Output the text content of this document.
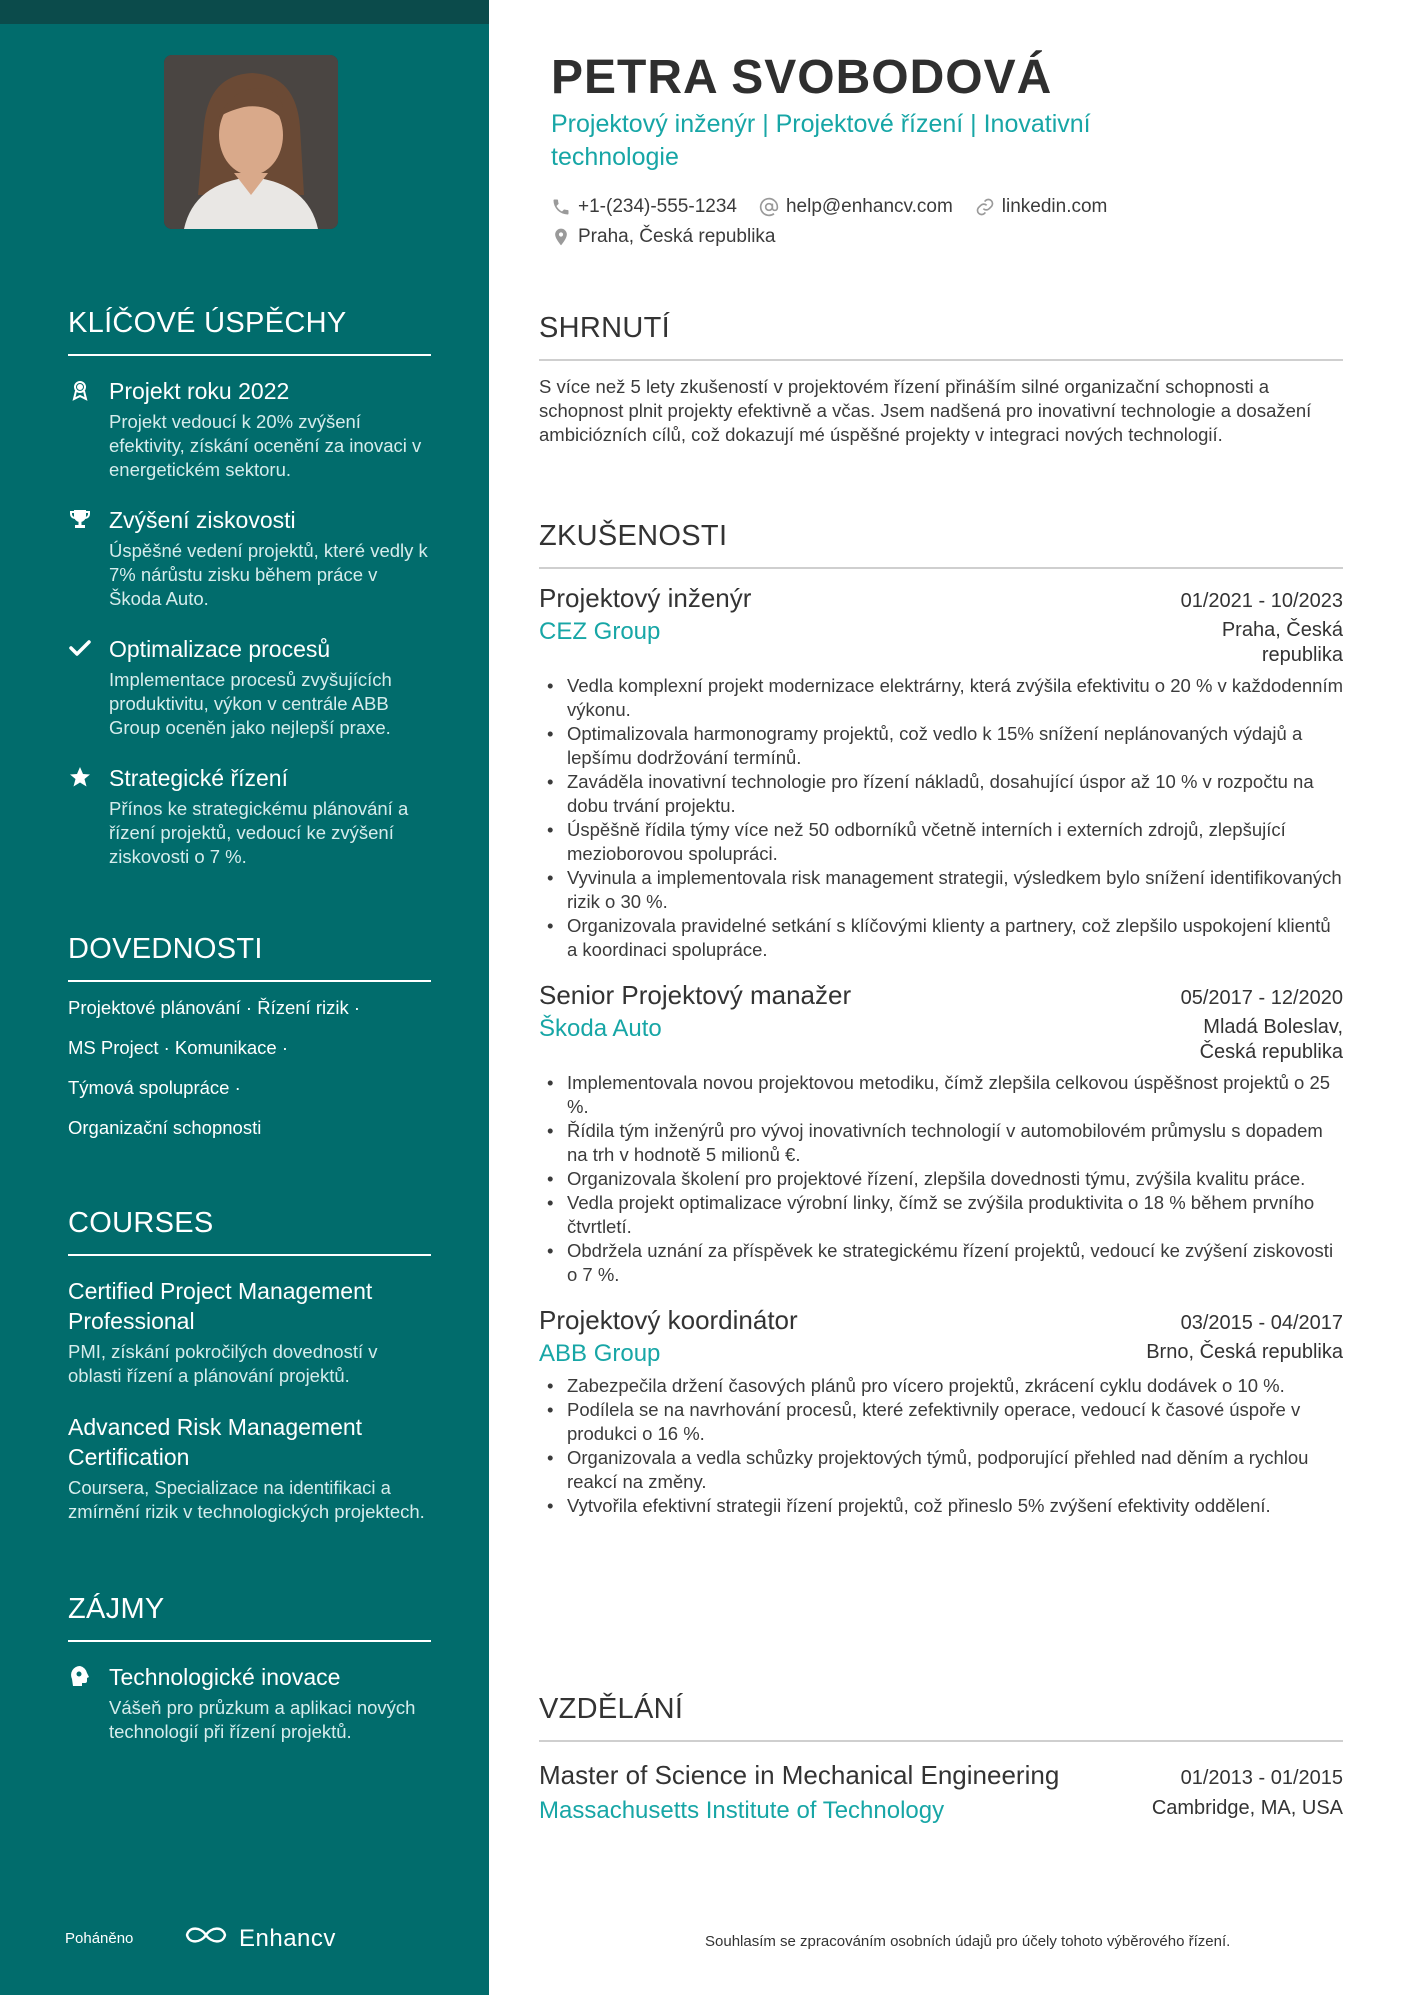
KLÍČOVÉ ÚSPĚCHY
Projekt roku 2022
Projekt vedoucí k 20% zvýšení efektivity, získání ocenění za inovaci v energetickém sektoru.
Zvýšení ziskovosti
Úspěšné vedení projektů, které vedly k 7% nárůstu zisku během práce v Škoda Auto.
Optimalizace procesů
Implementace procesů zvyšujících produktivitu, výkon v centrále ABB Group oceněn jako nejlepší praxe.
Strategické řízení
Přínos ke strategickému plánování a řízení projektů, vedoucí ke zvýšení ziskovosti o 7 %.
DOVEDNOSTI
Projektové plánování · Řízení rizik ·
MS Project · Komunikace ·
Týmová spolupráce ·
Organizační schopnosti
COURSES
Certified Project Management Professional
PMI, získání pokročilých dovedností v oblasti řízení a plánování projektů.
Advanced Risk Management Certification
Coursera, Specializace na identifikaci a zmírnění rizik v technologických projektech.
ZÁJMY
Technologické inovace
Vášeň pro průzkum a aplikaci nových technologií při řízení projektů.
Poháněno	Enhancv
PETRA SVOBODOVÁ
Projektový inženýr | Projektové řízení | Inovativní technologie
+1-(234)-555-1234	help@enhancv.com	linkedin.com
Praha, Česká republika
SHRNUTÍ
S více než 5 lety zkušeností v projektovém řízení přináším silné organizační schopnosti a schopnost plnit projekty efektivně a včas. Jsem nadšená pro inovativní technologie a dosažení ambiciózních cílů, což dokazují mé úspěšné projekty v integraci nových technologií.
ZKUŠENOSTI
Projektový inženýr	01/2021 - 10/2023
CEZ Group	Praha, Česká republika
• Vedla komplexní projekt modernizace elektrárny, která zvýšila efektivitu o 20 % v každodenním výkonu.
• Optimalizovala harmonogramy projektů, což vedlo k 15% snížení neplánovaných výdajů a lepšímu dodržování termínů.
• Zaváděla inovativní technologie pro řízení nákladů, dosahující úspor až 10 % v rozpočtu na dobu trvání projektu.
• Úspěšně řídila týmy více než 50 odborníků včetně interních i externích zdrojů, zlepšující mezioborovou spolupráci.
• Vyvinula a implementovala risk management strategii, výsledkem bylo snížení identifikovaných rizik o 30 %.
• Organizovala pravidelné setkání s klíčovými klienty a partnery, což zlepšilo uspokojení klientů a koordinaci spolupráce.
Senior Projektový manažer	05/2017 - 12/2020
Škoda Auto	Mladá Boleslav, Česká republika
• Implementovala novou projektovou metodiku, čímž zlepšila celkovou úspěšnost projektů o 25 %.
• Řídila tým inženýrů pro vývoj inovativních technologií v automobilovém průmyslu s dopadem na trh v hodnotě 5 milionů €.
• Organizovala školení pro projektové řízení, zlepšila dovednosti týmu, zvýšila kvalitu práce.
• Vedla projekt optimalizace výrobní linky, čímž se zvýšila produktivita o 18 % během prvního čtvrtletí.
• Obdržela uznání za příspěvek ke strategickému řízení projektů, vedoucí ke zvýšení ziskovosti o 7 %.
Projektový koordinátor	03/2015 - 04/2017
ABB Group	Brno, Česká republika
• Zabezpečila držení časových plánů pro vícero projektů, zkrácení cyklu dodávek o 10 %.
• Podílela se na navrhování procesů, které zefektivnily operace, vedoucí k časové úspoře v produkci o 16 %.
• Organizovala a vedla schůzky projektových týmů, podporující přehled nad děním a rychlou reakcí na změny.
• Vytvořila efektivní strategii řízení projektů, což přineslo 5% zvýšení efektivity oddělení.
VZDĚLÁNÍ
Master of Science in Mechanical Engineering	01/2013 - 01/2015
Massachusetts Institute of Technology	Cambridge, MA, USA
Souhlasím se zpracováním osobních údajů pro účely tohoto výběrového řízení.
